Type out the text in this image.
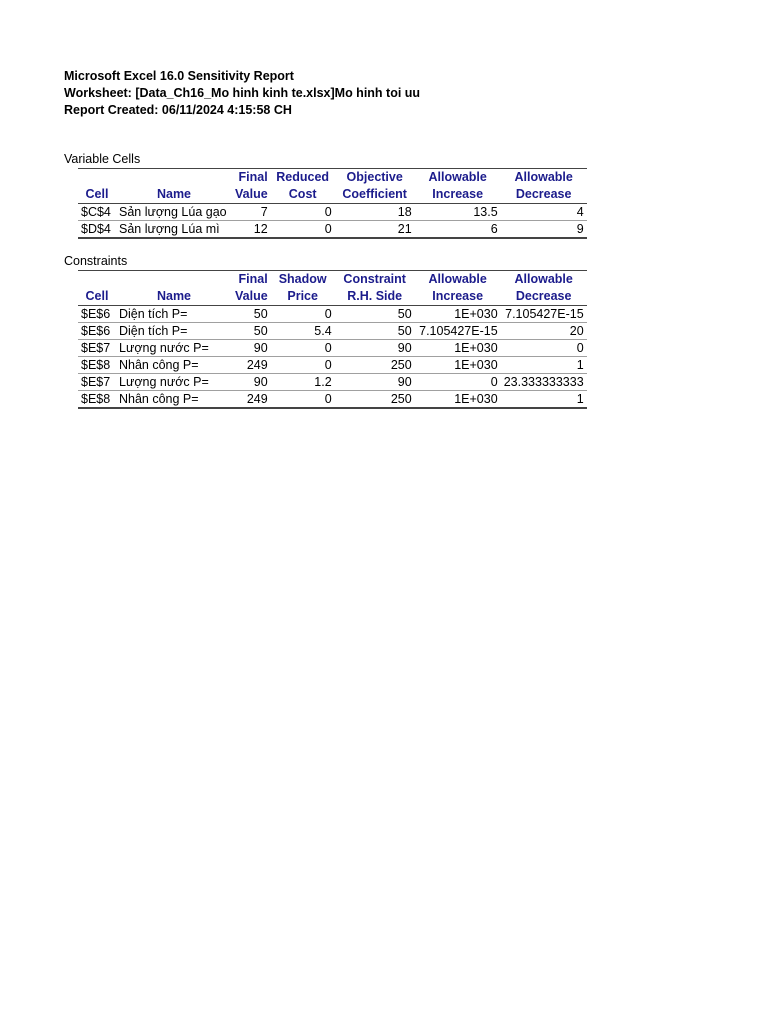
Microsoft Excel 16.0 Sensitivity Report
Worksheet: [Data_Ch16_Mo hinh kinh te.xlsx]Mo hinh toi uu
Report Created: 06/11/2024 4:15:58 CH
Variable Cells
		Final	Reduced	Objective	Allowable	Allowable
Cell	Name	Value	Cost	Coefficient	Increase	Decrease
$C$4	Sản lượng Lúa gạo	7	0	18	13.5	4
$D$4	Sản lượng Lúa mì	12	0	21	6	9
Constraints
		Final	Shadow	Constraint	Allowable	Allowable
Cell	Name	Value	Price	R.H. Side	Increase	Decrease
$E$6	Diện tích P=	50	0	50	1E+030	7.105427E-15
$E$6	Diện tích P=	50	5.4	50	7.105427E-15	20
$E$7	Lượng nước P=	90	0	90	1E+030	0
$E$8	Nhân công P=	249	0	250	1E+030	1
$E$7	Lượng nước P=	90	1.2	90	0	23.333333333
$E$8	Nhân công P=	249	0	250	1E+030	1
